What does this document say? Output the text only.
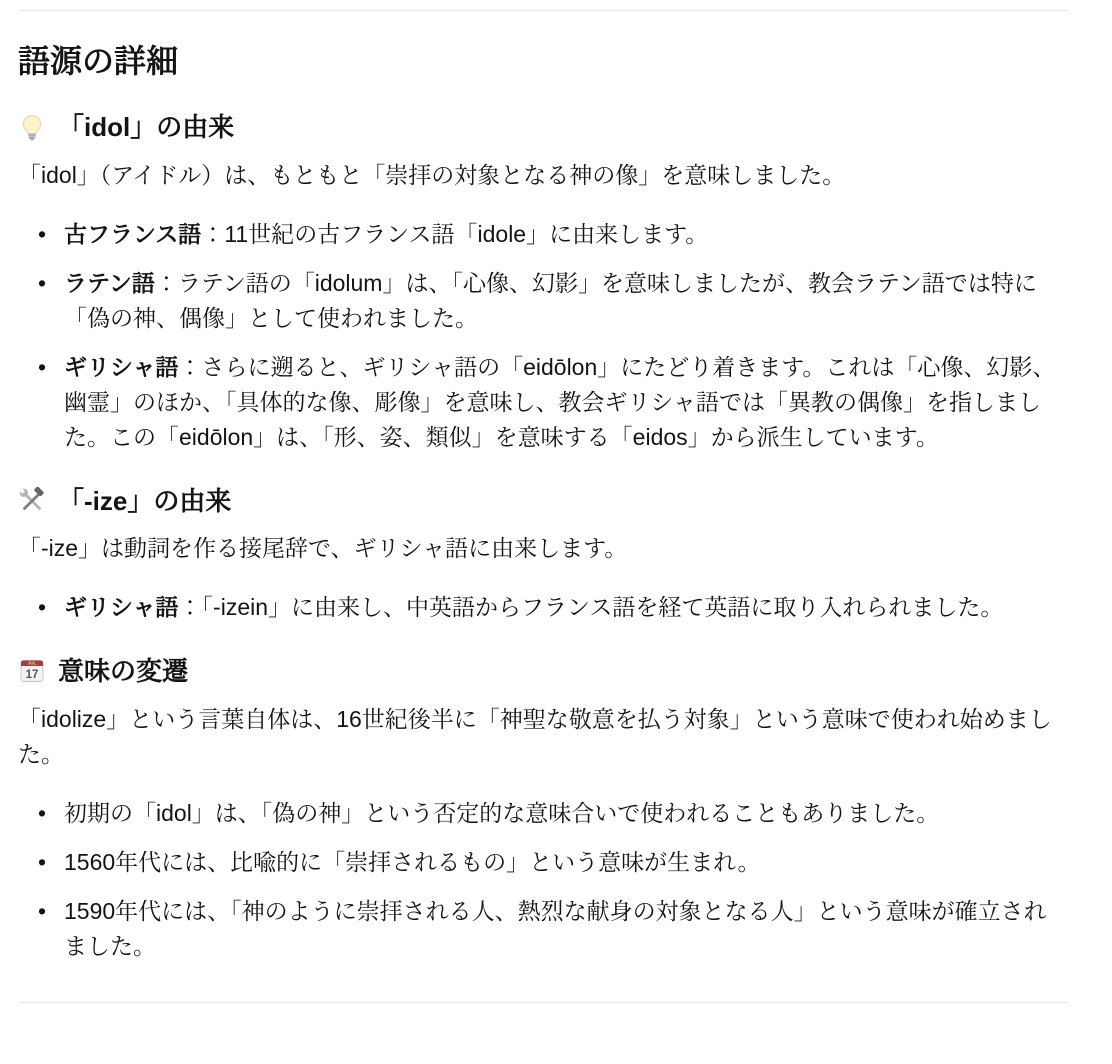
語源の詳細
「idol」の由来

「idol」（アイドル）は、もともと「崇拝の対象となる神の像」を意味しました。

• 古フランス語：11世紀の古フランス語「idole」に由来します。
• ラテン語：ラテン語の「idolum」は、「心像、幻影」を意味しましたが、教会ラテン語では特に「偽の神、偶像」として使われました。
• ギリシャ語：さらに遡ると、ギリシャ語の「eidōlon」にたどり着きます。これは「心像、幻影、幽霊」のほか、「具体的な像、彫像」を意味し、教会ギリシャ語では「異教の偶像」を指しました。この「eidōlon」は、「形、姿、類似」を意味する「eidos」から派生しています。
「-ize」の由来

「-ize」は動詞を作る接尾辞で、ギリシャ語に由来します。

• ギリシャ語：「-izein」に由来し、中英語からフランス語を経て英語に取り入れられました。
JUL
17 意味の変遷

「idolize」という言葉自体は、16世紀後半に「神聖な敬意を払う対象」という意味で使われ始めました。

• 初期の「idol」は、「偽の神」という否定的な意味合いで使われることもありました。
• 1560年代には、比喩的に「崇拝されるもの」という意味が生まれ。
• 1590年代には、「神のように崇拝される人、熱烈な献身の対象となる人」という意味が確立されました。
